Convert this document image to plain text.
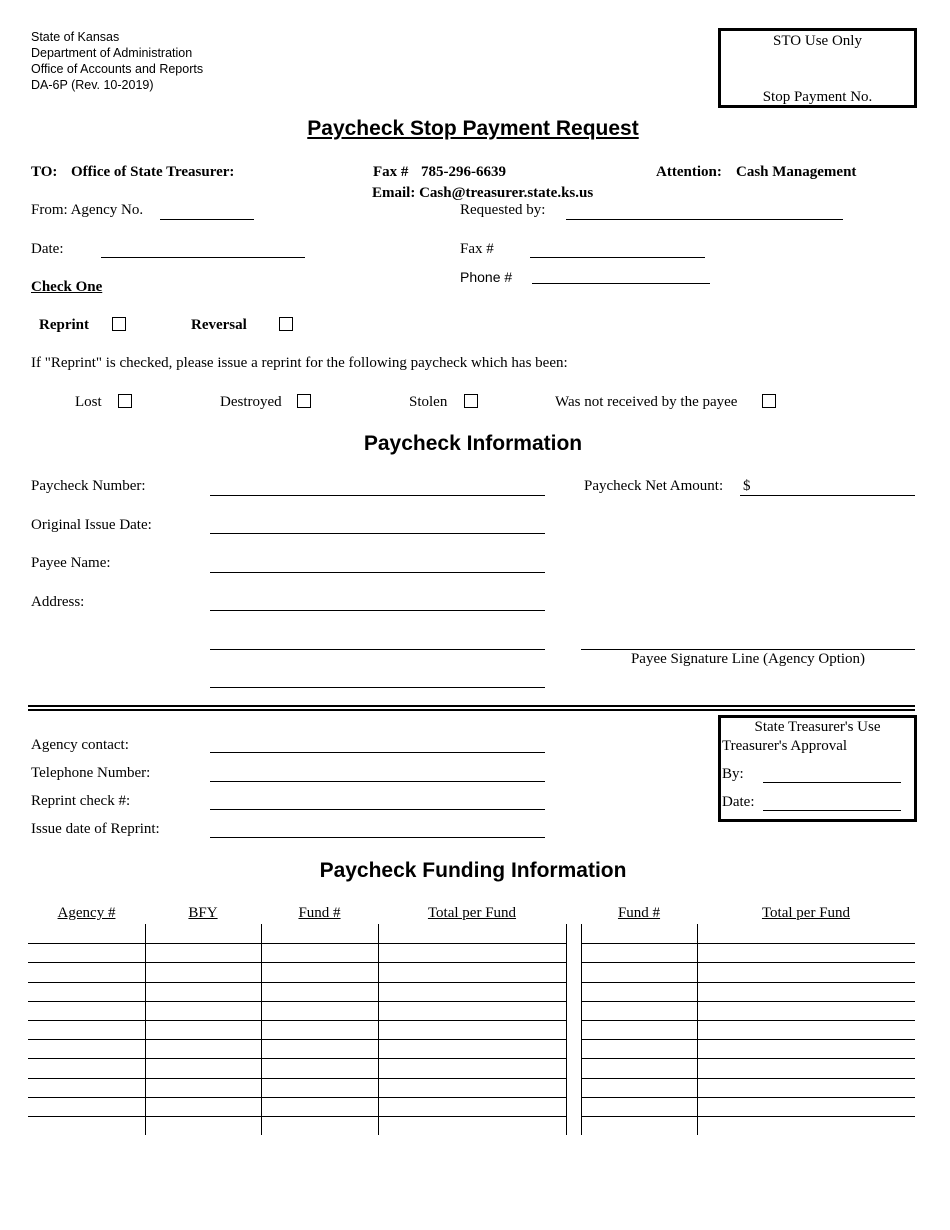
State of Kansas
Department of Administration
Office of Accounts and Reports
DA-6P (Rev. 10-2019)
STO Use Only
Stop Payment No.
Paycheck Stop Payment Request
TO: Office of State Treasurer:	Fax # 785-296-6639	Attention: Cash Management
Email: Cash@treasurer.state.ks.us
From: Agency No.	Requested by:
Date:	Fax #
Phone #
Check One
Reprint	Reversal
If "Reprint" is checked, please issue a reprint for the following paycheck which has been:
Lost	Destroyed	Stolen	Was not received by the payee
Paycheck Information
Paycheck Number:	Paycheck Net Amount: $
Original Issue Date:
Payee Name:
Address:
Payee Signature Line (Agency Option)
Agency contact:
Telephone Number:
Reprint check #:
Issue date of Reprint:
State Treasurer's Use
Treasurer's Approval
By:
Date:
Paycheck Funding Information
Agency #	BFY	Fund #	Total per Fund	Fund #	Total per Fund
